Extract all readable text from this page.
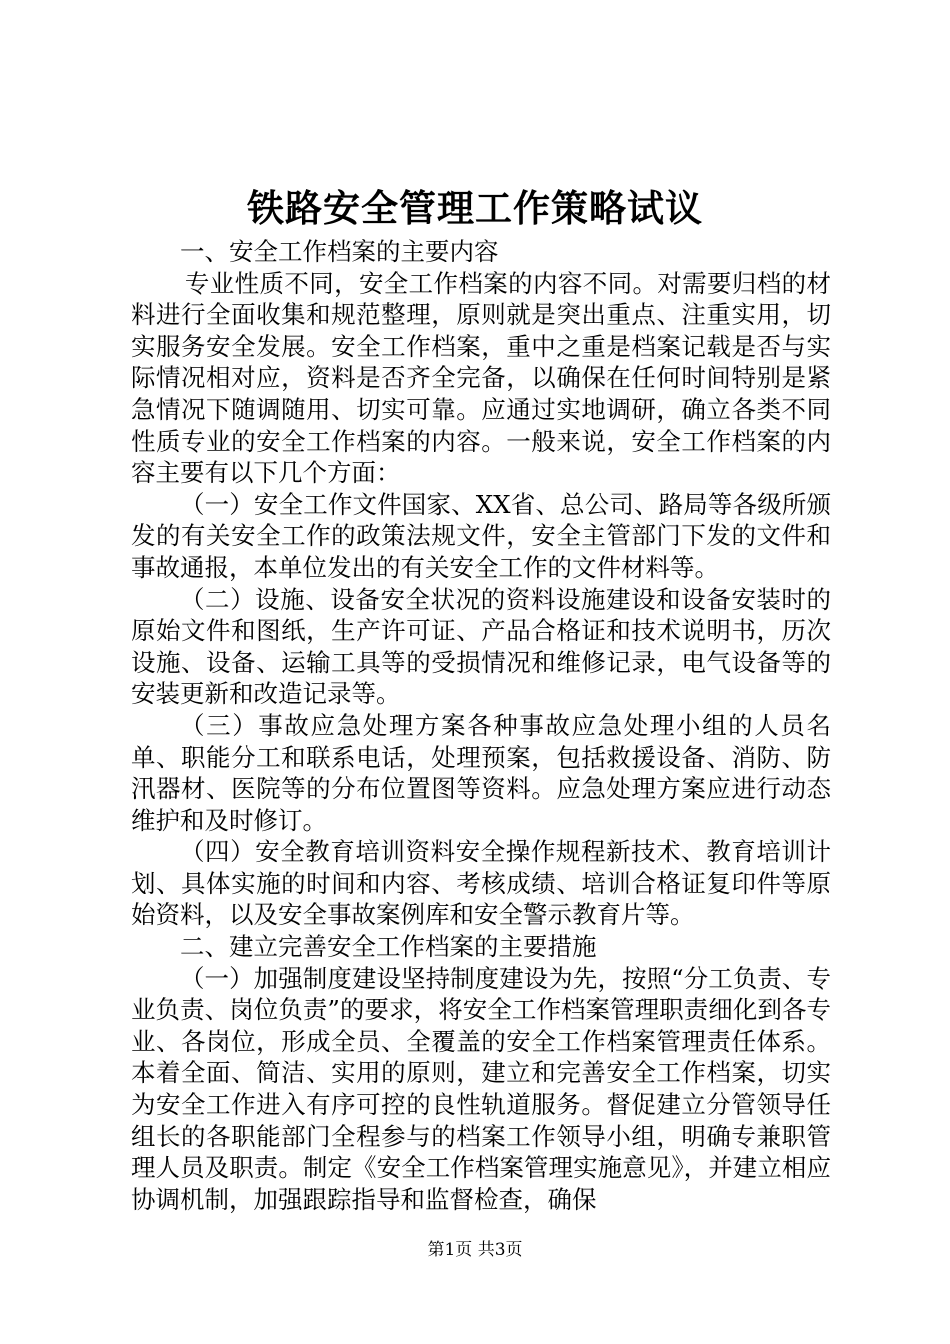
铁路安全管理工作策略试议

一、安全工作档案的主要内容

专业性质不同，安全工作档案的内容不同。对需要归档的材料进行全面收集和规范整理，原则就是突出重点、注重实用，切实服务安全发展。安全工作档案，重中之重是档案记载是否与实际情况相对应，资料是否齐全完备，以确保在任何时间特别是紧急情况下随调随用、切实可靠。应通过实地调研，确立各类不同性质专业的安全工作档案的内容。一般来说，安全工作档案的内容主要有以下几个方面：

（一）安全工作文件国家、XX省、总公司、路局等各级所颁发的有关安全工作的政策法规文件，安全主管部门下发的文件和事故通报，本单位发出的有关安全工作的文件材料等。

（二）设施、设备安全状况的资料设施建设和设备安装时的原始文件和图纸，生产许可证、产品合格证和技术说明书，历次设施、设备、运输工具等的受损情况和维修记录，电气设备等的安装更新和改造记录等。

（三）事故应急处理方案各种事故应急处理小组的人员名单、职能分工和联系电话，处理预案，包括救援设备、消防、防汛器材、医院等的分布位置图等资料。应急处理方案应进行动态维护和及时修订。

（四）安全教育培训资料安全操作规程新技术、教育培训计划、具体实施的时间和内容、考核成绩、培训合格证复印件等原始资料，以及安全事故案例库和安全警示教育片等。

二、建立完善安全工作档案的主要措施

（一）加强制度建设坚持制度建设为先，按照“分工负责、专业负责、岗位负责”的要求，将安全工作档案管理职责细化到各专业、各岗位，形成全员、全覆盖的安全工作档案管理责任体系。本着全面、简洁、实用的原则，建立和完善安全工作档案，切实为安全工作进入有序可控的良性轨道服务。督促建立分管领导任组长的各职能部门全程参与的档案工作领导小组，明确专兼职管理人员及职责。制定《安全工作档案管理实施意见》，并建立相应协调机制，加强跟踪指导和监督检查，确保

第1页 共3页
